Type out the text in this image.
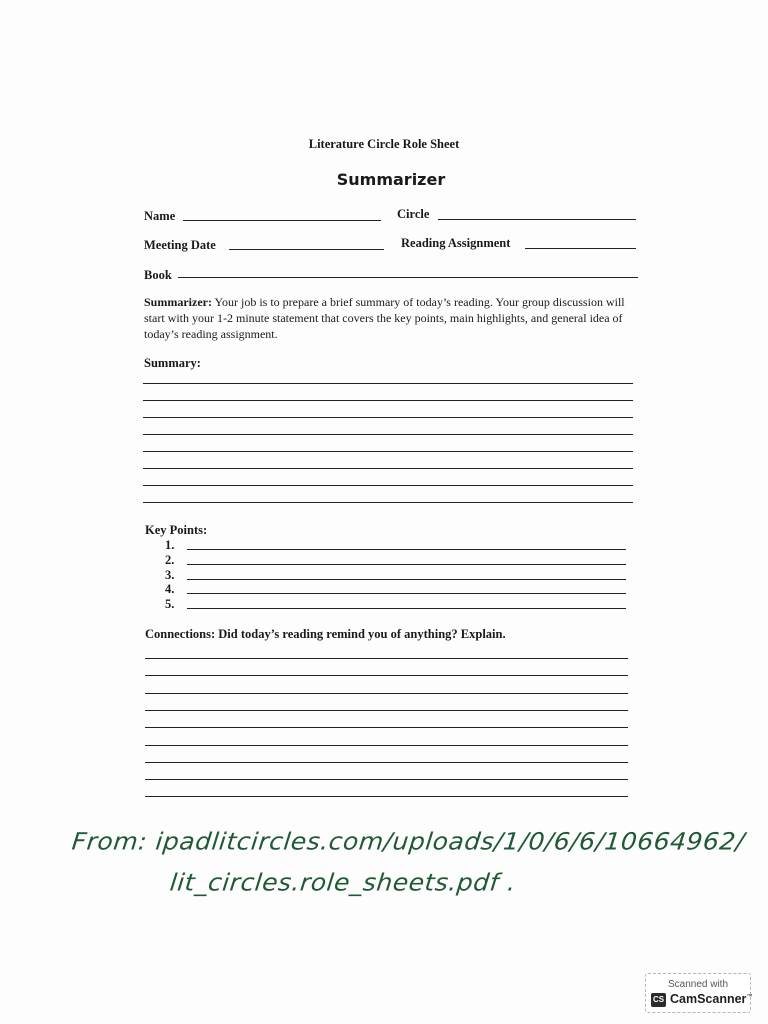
Literature Circle Role Sheet
Summarizer
Name	Circle
Meeting Date	Reading Assignment
Book
Summarizer: Your job is to prepare a brief summary of today’s reading. Your group discussion will start with your 1-2 minute statement that covers the key points, main highlights, and general idea of today’s reading assignment.
Summary:
Key Points:
1.
2.
3.
4.
5.
Connections: Did today’s reading remind you of anything? Explain.
From: ipadlitcircles.com/uploads/1/0/6/6/10664962/
lit_circles.role_sheets.pdf .
Scanned with
CS CamScanner™
